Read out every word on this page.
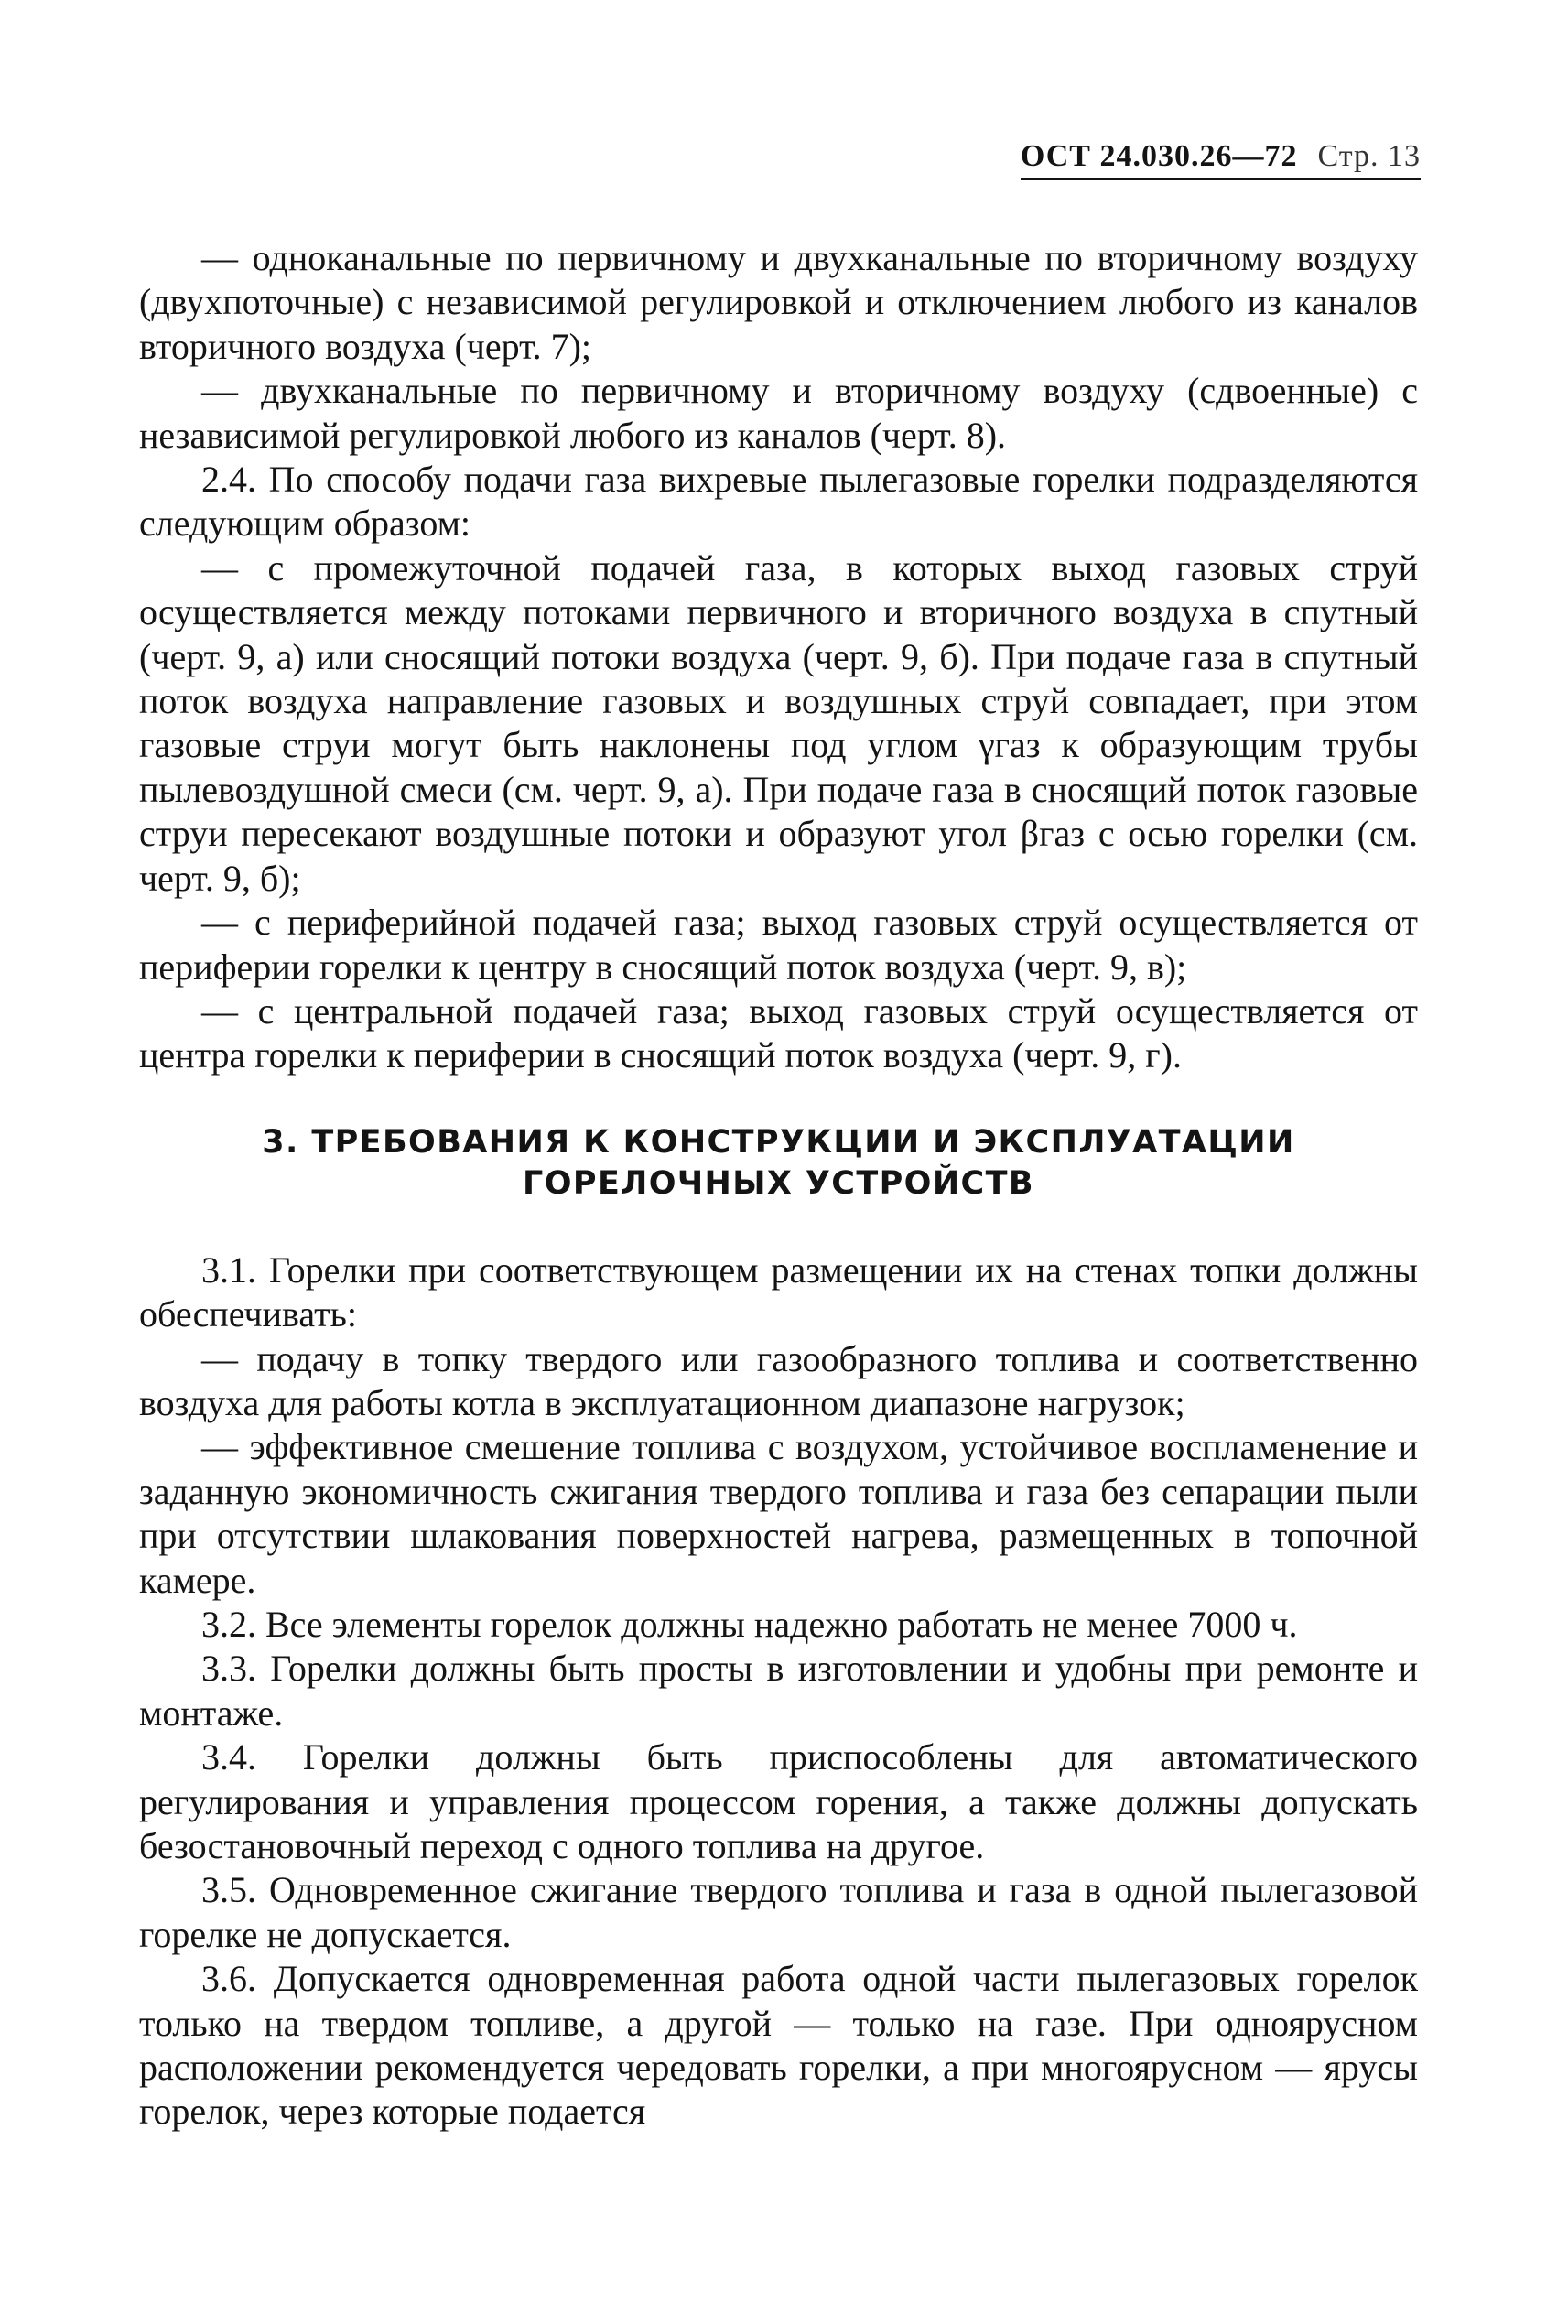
ОСТ 24.030.26—72 Стр. 13

— одноканальные по первичному и двухканальные по вторичному воздуху (двухпоточные) с независимой регулировкой и отключением любого из каналов вторичного воздуха (черт. 7);

— двухканальные по первичному и вторичному воздуху (сдвоенные) с независимой регулировкой любого из каналов (черт. 8).

2.4. По способу подачи газа вихревые пылегазовые горелки подразделяются следующим образом:

— с промежуточной подачей газа, в которых выход газовых струй осуществляется между потоками первичного и вторичного воздуха в спутный (черт. 9, а) или сносящий потоки воздуха (черт. 9, б). При подаче газа в спутный поток воздуха направление газовых и воздушных струй совпадает, при этом газовые струи могут быть наклонены под углом γгаз к образующим трубы пылевоздушной смеси (см. черт. 9, а). При подаче газа в сносящий поток газовые струи пересекают воздушные потоки и образуют угол βгаз с осью горелки (см. черт. 9, б);

— с периферийной подачей газа; выход газовых струй осуществляется от периферии горелки к центру в сносящий поток воздуха (черт. 9, в);

— с центральной подачей газа; выход газовых струй осуществляется от центра горелки к периферии в сносящий поток воздуха (черт. 9, г).

3. ТРЕБОВАНИЯ К КОНСТРУКЦИИ И ЭКСПЛУАТАЦИИ ГОРЕЛОЧНЫХ УСТРОЙСТВ

3.1. Горелки при соответствующем размещении их на стенах топки должны обеспечивать:

— подачу в топку твердого или газообразного топлива и соответственно воздуха для работы котла в эксплуатационном диапазоне нагрузок;

— эффективное смешение топлива с воздухом, устойчивое воспламенение и заданную экономичность сжигания твердого топлива и газа без сепарации пыли при отсутствии шлакования поверхностей нагрева, размещенных в топочной камере.

3.2. Все элементы горелок должны надежно работать не менее 7000 ч.

3.3. Горелки должны быть просты в изготовлении и удобны при ремонте и монтаже.

3.4. Горелки должны быть приспособлены для автоматического регулирования и управления процессом горения, а также должны допускать безостановочный переход с одного топлива на другое.

3.5. Одновременное сжигание твердого топлива и газа в одной пылегазовой горелке не допускается.

3.6. Допускается одновременная работа одной части пылегазовых горелок только на твердом топливе, а другой — только на газе. При одноярусном расположении рекомендуется чередовать горелки, а при многоярусном — ярусы горелок, через которые подается
